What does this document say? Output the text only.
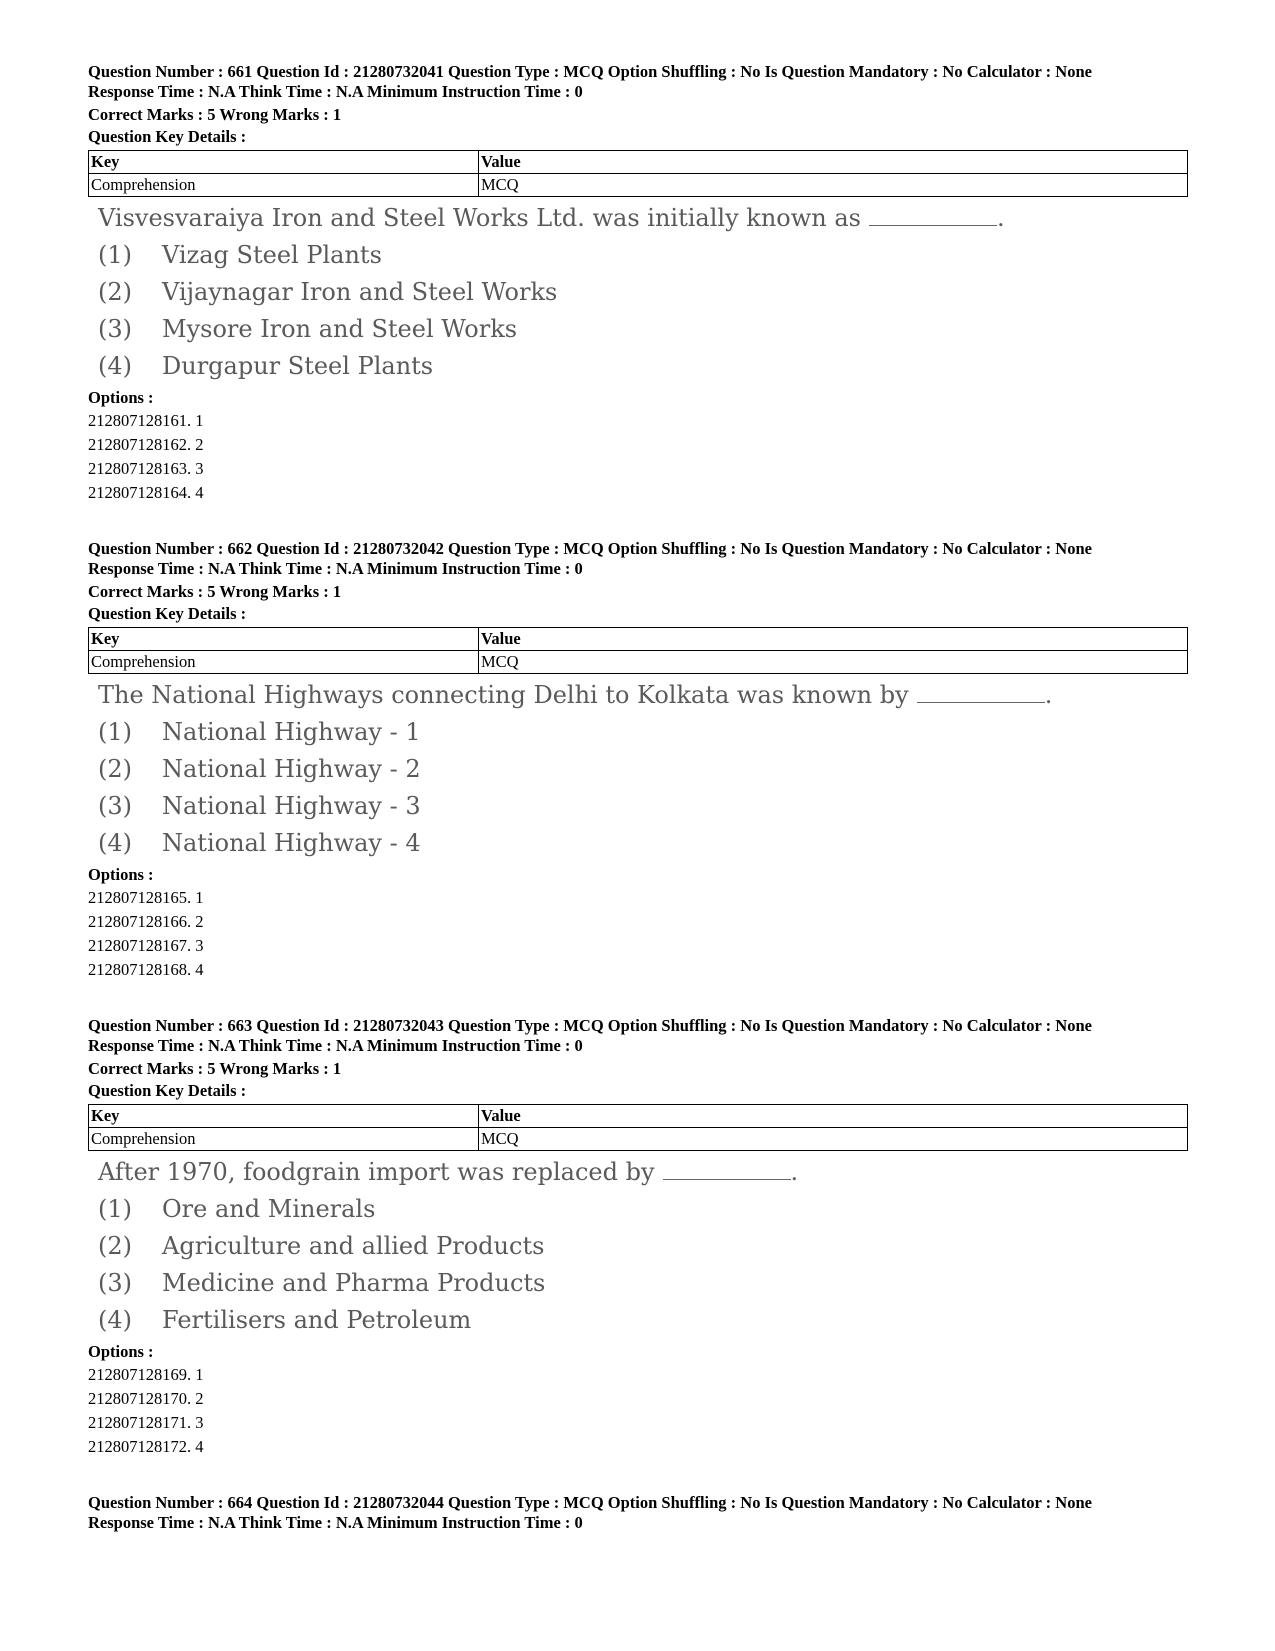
Question Number : 661 Question Id : 21280732041 Question Type : MCQ Option Shuffling : No Is Question Mandatory : No Calculator : None

Response Time : N.A Think Time : N.A Minimum Instruction Time : 0

Correct Marks : 5 Wrong Marks : 1

Question Key Details :

Key	Value
Comprehension	MCQ
Visvesvaraiya Iron and Steel Works Ltd. was initially known as	.
(1)	Vizag Steel Plants
(2)	Vijaynagar Iron and Steel Works
(3)	Mysore Iron and Steel Works
(4)	Durgapur Steel Plants
Options :
212807128161. 1
212807128162. 2
212807128163. 3
212807128164. 4

Question Number : 662 Question Id : 21280732042 Question Type : MCQ Option Shuffling : No Is Question Mandatory : No Calculator : None

Response Time : N.A Think Time : N.A Minimum Instruction Time : 0

Correct Marks : 5 Wrong Marks : 1

Question Key Details :

Key	Value
Comprehension	MCQ
The National Highways connecting Delhi to Kolkata was known by	.
(1)	National Highway - 1
(2)	National Highway - 2
(3)	National Highway - 3
(4)	National Highway - 4
Options :
212807128165. 1
212807128166. 2
212807128167. 3
212807128168. 4

Question Number : 663 Question Id : 21280732043 Question Type : MCQ Option Shuffling : No Is Question Mandatory : No Calculator : None

Response Time : N.A Think Time : N.A Minimum Instruction Time : 0

Correct Marks : 5 Wrong Marks : 1

Question Key Details :

Key	Value
Comprehension	MCQ
After 1970, foodgrain import was replaced by	.
(1)	Ore and Minerals
(2)	Agriculture and allied Products
(3)	Medicine and Pharma Products
(4)	Fertilisers and Petroleum
Options :
212807128169. 1
212807128170. 2
212807128171. 3
212807128172. 4

Question Number : 664 Question Id : 21280732044 Question Type : MCQ Option Shuffling : No Is Question Mandatory : No Calculator : None

Response Time : N.A Think Time : N.A Minimum Instruction Time : 0
